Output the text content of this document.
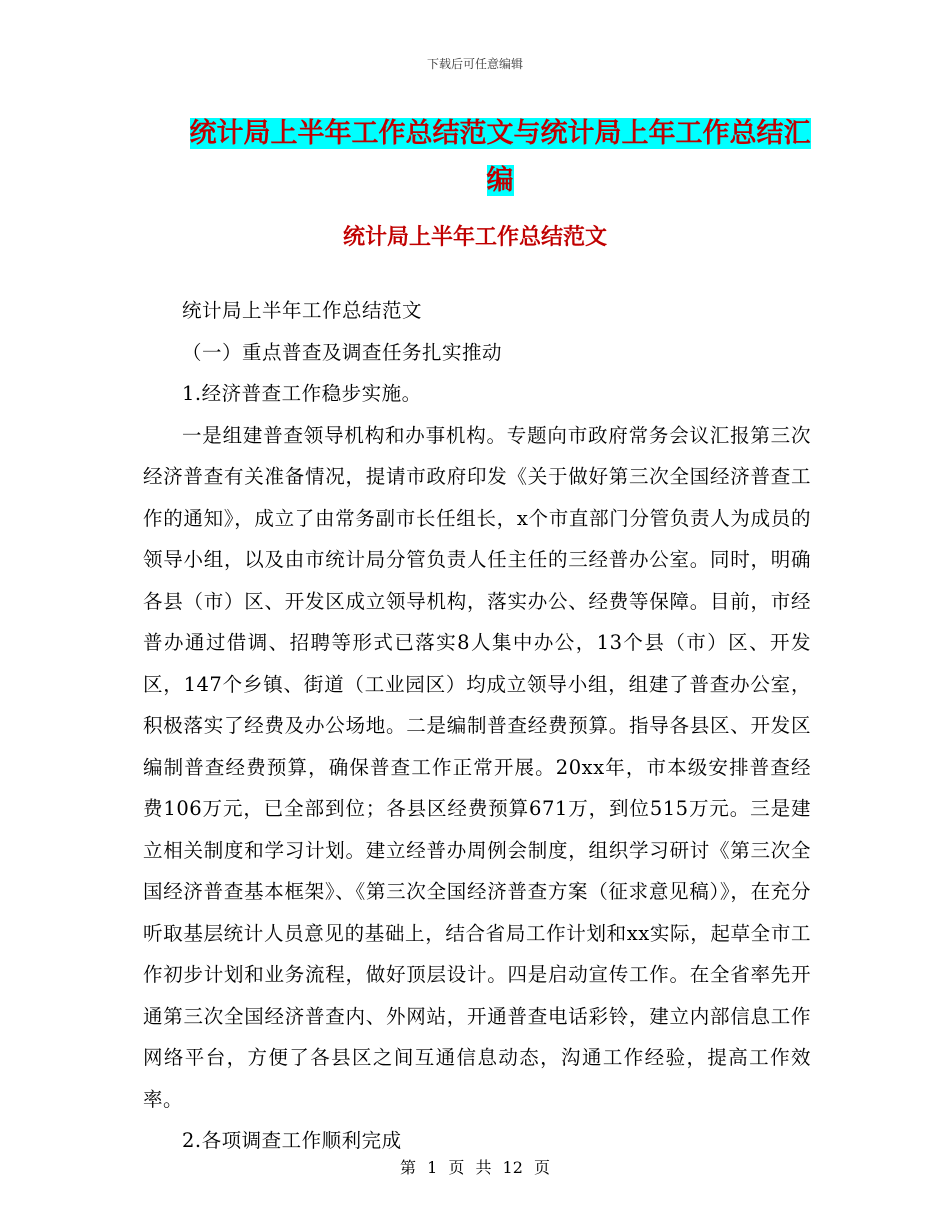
下载后可任意编辑
统计局上半年工作总结范文与统计局上年工作总结汇
编
统计局上半年工作总结范文

统计局上半年工作总结范文

（一）重点普查及调查任务扎实推动

1.经济普查工作稳步实施。

一是组建普查领导机构和办事机构。专题向市政府常务会议汇报第三次经济普查有关准备情况，提请市政府印发《关于做好第三次全国经济普查工作的通知》，成立了由常务副市长任组长，x个市直部门分管负责人为成员的领导小组，以及由市统计局分管负责人任主任的三经普办公室。同时，明确各县（市）区、开发区成立领导机构，落实办公、经费等保障。目前，市经普办通过借调、招聘等形式已落实8人集中办公，13个县（市）区、开发区，147个乡镇、街道（工业园区）均成立领导小组，组建了普查办公室，积极落实了经费及办公场地。二是编制普查经费预算。指导各县区、开发区编制普查经费预算，确保普查工作正常开展。20xx年，市本级安排普查经费106万元，已全部到位；各县区经费预算671万，到位515万元。三是建立相关制度和学习计划。建立经普办周例会制度，组织学习研讨《第三次全国经济普查基本框架》、《第三次全国经济普查方案（征求意见稿）》，在充分听取基层统计人员意见的基础上，结合省局工作计划和xx实际，起草全市工作初步计划和业务流程，做好顶层设计。四是启动宣传工作。在全省率先开通第三次全国经济普查内、外网站，开通普查电话彩铃，建立内部信息工作网络平台，方便了各县区之间互通信息动态，沟通工作经验，提高工作效率。

2.各项调查工作顺利完成

第 1 页 共 12 页
